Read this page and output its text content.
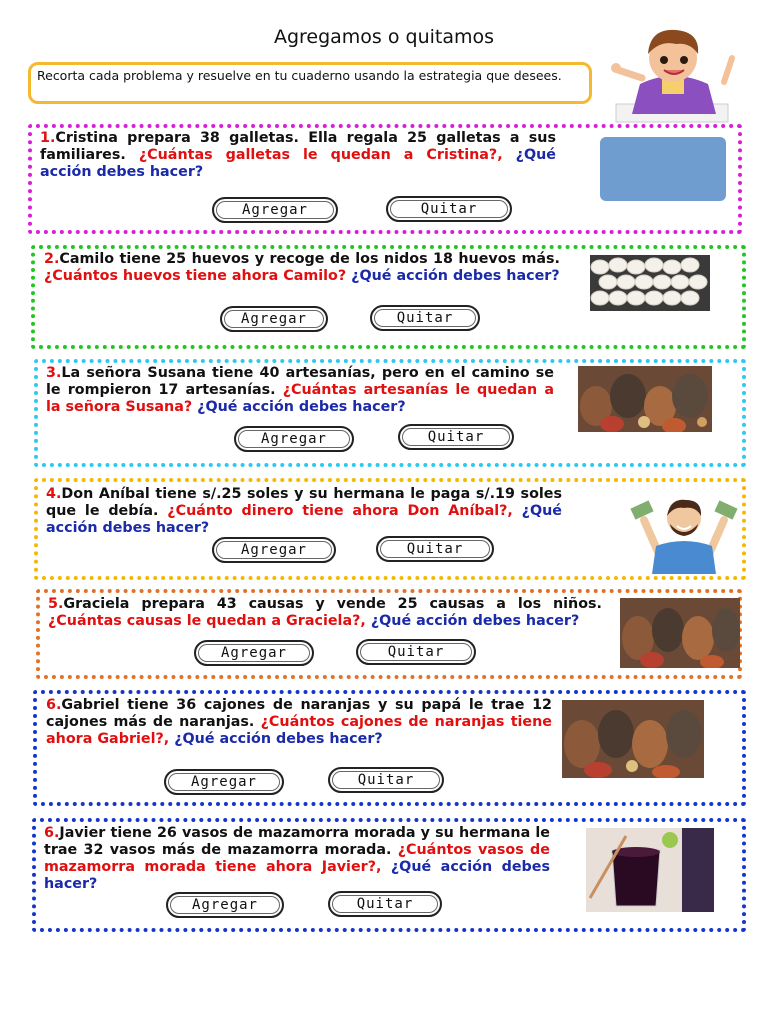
Agregamos o quitamos
Recorta cada problema y resuelve en tu cuaderno usando la estrategia que desees.
1.Cristina prepara 38 galletas. Ella regala 25 galletas a sus familiares. ¿Cuántas galletas le quedan a Cristina?, ¿Qué acción debes hacer?
2.Camilo tiene 25 huevos y recoge de los nidos 18 huevos más. ¿Cuántos huevos tiene ahora Camilo? ¿Qué acción debes hacer?
3.La señora Susana tiene 40 artesanías, pero en el camino se le rompieron 17 artesanías. ¿Cuántas artesanías le quedan a la señora Susana? ¿Qué acción debes hacer?
4.Don Aníbal tiene s/.25 soles y su hermana le paga s/.19 soles que le debía. ¿Cuánto dinero tiene ahora Don Aníbal?, ¿Qué acción debes hacer?
5.Graciela prepara 43 causas y vende 25 causas a los niños. ¿Cuántas causas le quedan a Graciela?, ¿Qué acción debes hacer?
6.Gabriel tiene 36 cajones de naranjas y su papá le trae 12 cajones más de naranjas. ¿Cuántos cajones de naranjas tiene ahora Gabriel?, ¿Qué acción debes hacer?
6.Javier tiene 26 vasos de mazamorra morada y su hermana le trae 32 vasos más de mazamorra morada. ¿Cuántos vasos de mazamorra morada tiene ahora Javier?, ¿Qué acción debes hacer?
Agregar	Quitar
Agregar	Quitar
Agregar	Quitar
Agregar	Quitar
Agregar	Quitar
Agregar	Quitar
Agregar	Quitar
